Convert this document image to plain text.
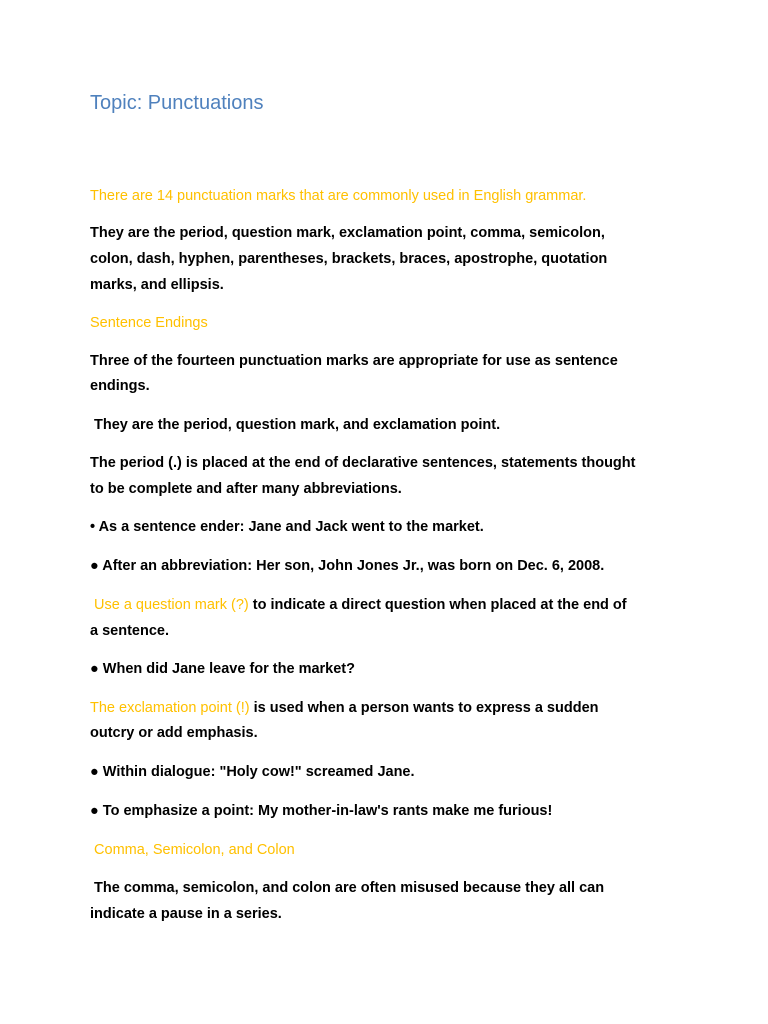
Topic: Punctuations

There are 14 punctuation marks that are commonly used in English grammar.

They are the period, question mark, exclamation point, comma, semicolon,

colon, dash, hyphen, parentheses, brackets, braces, apostrophe, quotation

marks, and ellipsis.

Sentence Endings

Three of the fourteen punctuation marks are appropriate for use as sentence

endings.

They are the period, question mark, and exclamation point.

The period (.) is placed at the end of declarative sentences, statements thought

to be complete and after many abbreviations.

• As a sentence ender: Jane and Jack went to the market.

● After an abbreviation: Her son, John Jones Jr., was born on Dec. 6, 2008.

Use a question mark (?) to indicate a direct question when placed at the end of

a sentence.

● When did Jane leave for the market?

The exclamation point (!) is used when a person wants to express a sudden

outcry or add emphasis.

● Within dialogue: "Holy cow!" screamed Jane.

● To emphasize a point: My mother-in-law's rants make me furious!

Comma, Semicolon, and Colon

The comma, semicolon, and colon are often misused because they all can

indicate a pause in a series.
